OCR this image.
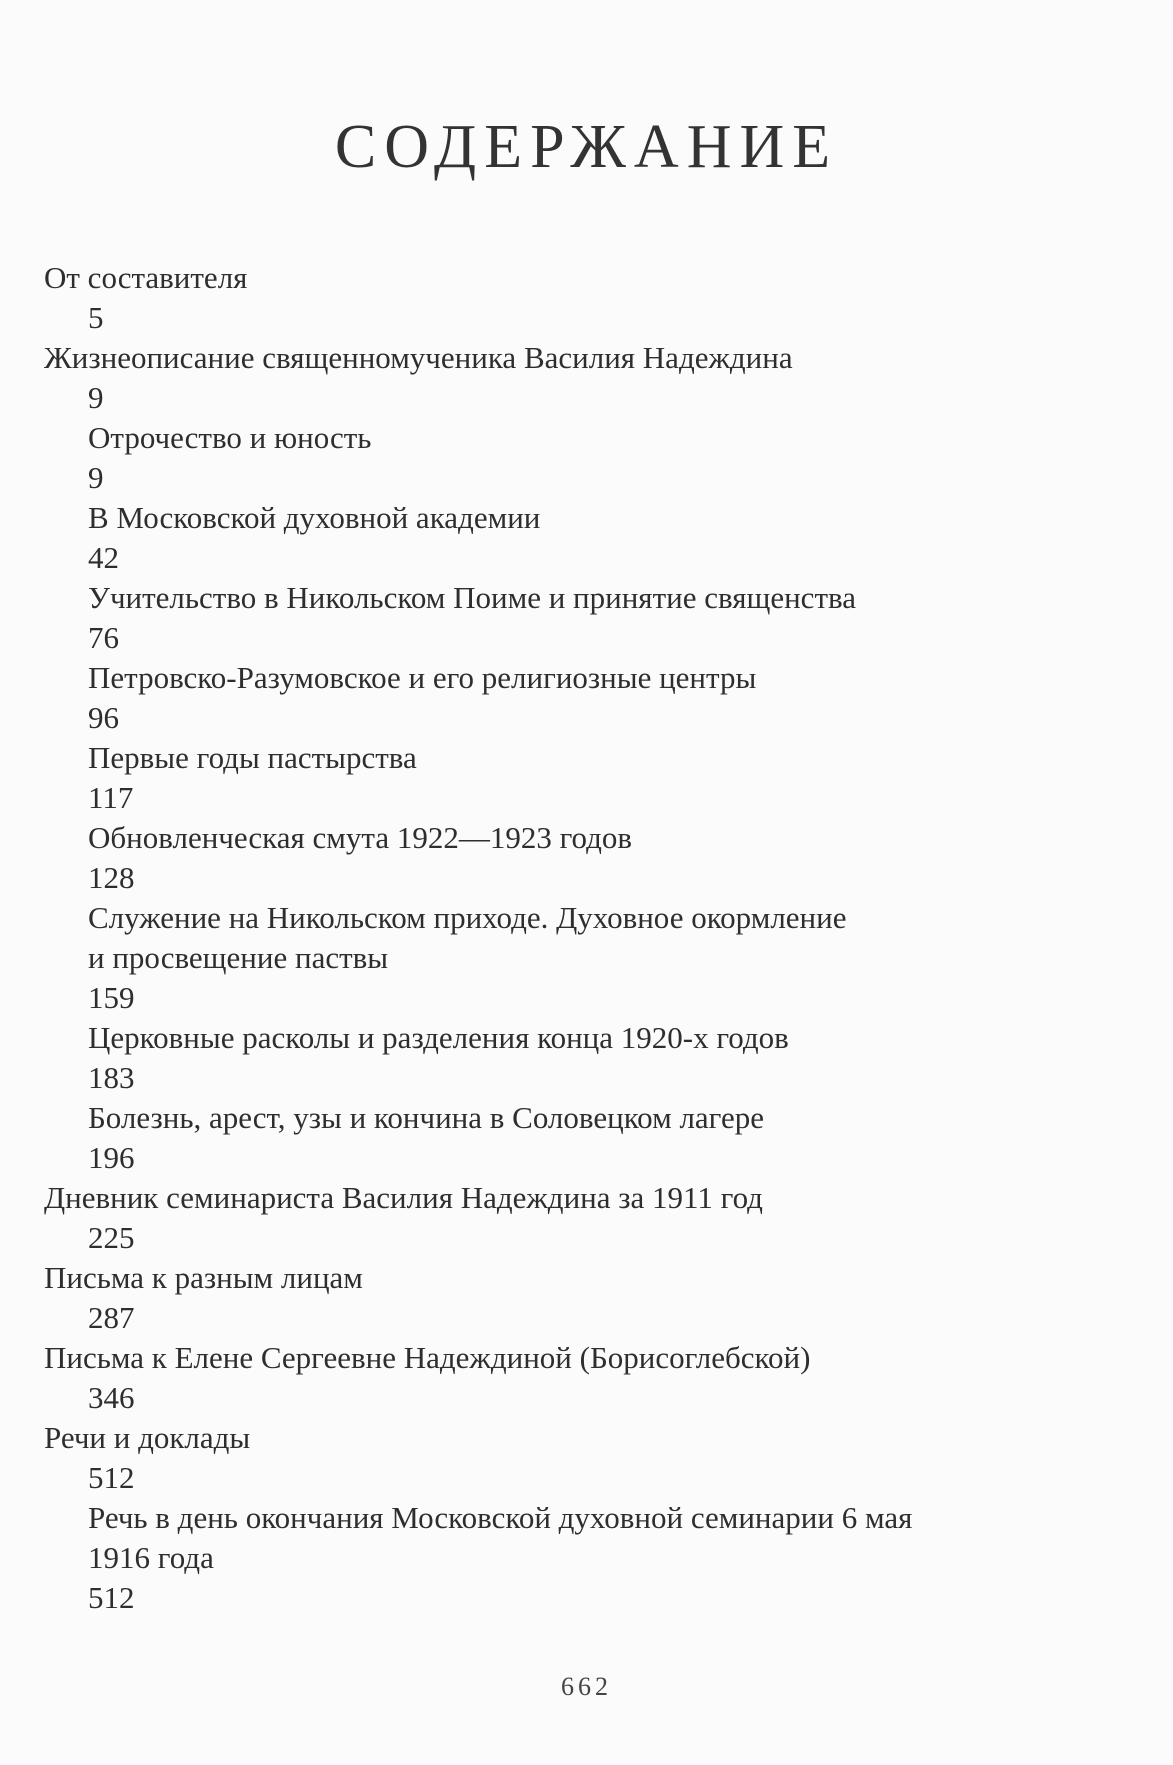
СОДЕРЖАНИЕ
От составителя
5
Жизнеописание священномученика Василия Надеждина
9
Отрочество и юность
9
В Московской духовной академии
42
Учительство в Никольском Поиме и принятие священства
76
Петровско-Разумовское и его религиозные центры
96
Первые годы пастырства
117
Обновленческая смута 1922—1923 годов
128
Служение на Никольском приходе. Духовное окормление
и просвещение паствы
159
Церковные расколы и разделения конца 1920-х годов
183
Болезнь, арест, узы и кончина в Соловецком лагере
196
Дневник семинариста Василия Надеждина за 1911 год
225
Письма к разным лицам
287
Письма к Елене Сергеевне Надеждиной (Борисоглебской)
346
Речи и доклады
512
Речь в день окончания Московской духовной семинарии 6 мая
1916 года
512
662
